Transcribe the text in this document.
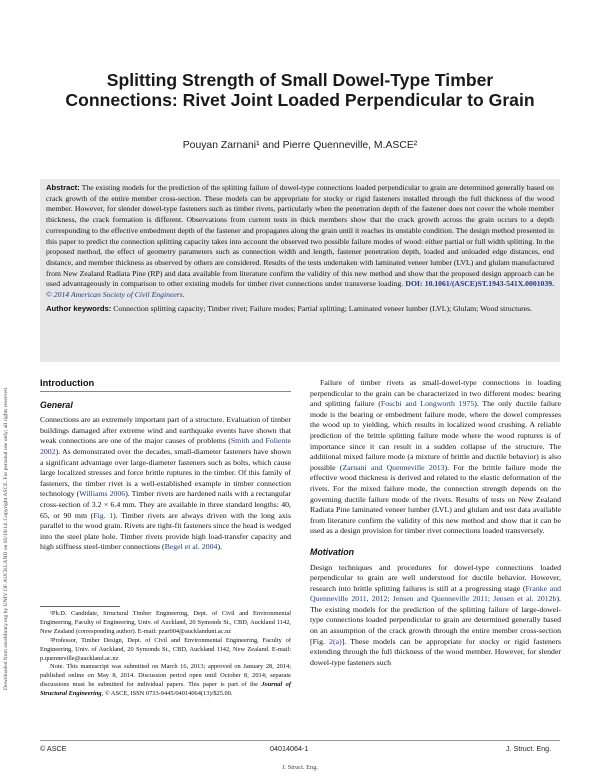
Downloaded from ascelibrary.org by UNIV OF AUCKLAND on 05/19/14. Copyright ASCE. For personal use only; all rights reserved.
Splitting Strength of Small Dowel-Type Timber Connections: Rivet Joint Loaded Perpendicular to Grain
Pouyan Zarnani¹ and Pierre Quenneville, M.ASCE²

Abstract: The existing models for the prediction of the splitting failure of dowel-type connections loaded perpendicular to grain are determined generally based on crack growth of the entire member cross-section. These models can be appropriate for stocky or rigid fasteners installed through the full thickness of the wood member. However, for slender dowel-type fasteners such as timber rivets, particularly when the penetration depth of the fastener does not cover the whole member thickness, the crack formation is different. Observations from current tests in thick members show that the crack growth across the grain occurs to a depth corresponding to the effective embedment depth of the fastener and propagates along the grain until it reaches its unstable condition. The design method presented in this paper to predict the connection splitting capacity takes into account the observed two possible failure modes of wood: either partial or full width splitting. In the proposed method, the effect of geometry parameters such as connection width and length, fastener penetration depth, loaded and unloaded edge distances, end distance, and member thickness as observed by others are considered. Results of the tests undertaken with laminated veneer lumber (LVL) and glulam manufactured from New Zealand Radiata Pine (RP) and data available from literature confirm the validity of this new method and show that the proposed design approach can be used advantageously in comparison to other existing models for timber rivet connections under transverse loading. DOI: 10.1061/(ASCE)ST.1943-541X.0001039. © 2014 American Society of Civil Engineers.

Author keywords: Connection splitting capacity; Timber rivet; Failure modes; Partial splitting; Laminated veneer lumber (LVL); Glulam; Wood structures.

Introduction
General

Connections are an extremely important part of a structure. Evaluation of timber buildings damaged after extreme wind and earthquake events have shown that weak connections are one of the major causes of problems (Smith and Foliente 2002). As demonstrated over the decades, small-diameter fasteners have shown a significant advantage over large-diameter fasteners such as bolts, which cause large localized stresses and force brittle ruptures in the timber. Of this family of fasteners, the timber rivet is a well-established example in timber connection technology (Williams 2006). Timber rivets are hardened nails with a rectangular cross-section of 3.2 × 6.4 mm. They are available in three standard lengths: 40, 65, or 90 mm (Fig. 1). Timber rivets are always driven with the long axis parallel to the wood grain. Rivets are tight-fit fasteners since the head is wedged into the steel plate hole. Timber rivets provide high load-transfer capacity and high stiffness steel-timber connections (Begel et al. 2004).

¹Ph.D. Candidate, Structural Timber Engineering, Dept. of Civil and Environmental Engineering, Faculty of Engineering, Univ. of Auckland, 20 Symonds St., CBD, Auckland 1142, New Zealand (corresponding author). E-mail: pzar004@aucklanduni.ac.nz

²Professor, Timber Design, Dept. of Civil and Environmental Engineering, Faculty of Engineering, Univ. of Auckland, 20 Symonds St., CBD, Auckland 1142, New Zealand. E-mail: p.quenneville@auckland.ac.nz

Note. This manuscript was submitted on March 16, 2013; approved on January 28, 2014; published online on May 8, 2014. Discussion period open until October 8, 2014; separate discussions must be submitted for individual papers. This paper is part of the Journal of Structural Engineering, © ASCE, ISSN 0733-9445/04014064(13)/$25.00.

Failure of timber rivets as small-dowel-type connections in loading perpendicular to the grain can be characterized in two different modes: bearing and splitting failure (Foschi and Longworth 1975). The only ductile failure mode is the bearing or embedment failure mode, where the dowel compresses the wood up to yielding, which results in localized wood crushing. A reliable prediction of the brittle splitting failure mode where the wood ruptures is of importance since it can result in a sudden collapse of the structure. The additional mixed failure mode (a mixture of brittle and ductile behavior) is also possible (Zarnani and Quenneville 2013). For the brittle failure mode the effective wood thickness is derived and related to the elastic deformation of the rivets. For the mixed failure mode, the connection strength depends on the governing ductile failure mode of the rivets. Results of tests on New Zealand Radiata Pine laminated veneer lumber (LVL) and glulam and test data available from literature confirm the validity of this new method and show that it can be used as a design provision for timber rivet connections loaded transversely.

Motivation

Design techniques and procedures for dowel-type connections loaded perpendicular to grain are well understood for ductile behavior. However, research into brittle splitting failures is still at a progressing stage (Franke and Quenneville 2011, 2012; Jensen and Quenneville 2011; Jensen et al. 2012b). The existing models for the prediction of the splitting failure of large-dowel-type connections loaded perpendicular to grain are determined generally based on an assumption of the crack growth through the entire member cross-section [Fig. 2(a)]. These models can be appropriate for stocky or rigid fasteners extending through the full thickness of the wood member. However, for slender dowel-type fasteners such

© ASCE	04014064-1	J. Struct. Eng.
J. Struct. Eng.
